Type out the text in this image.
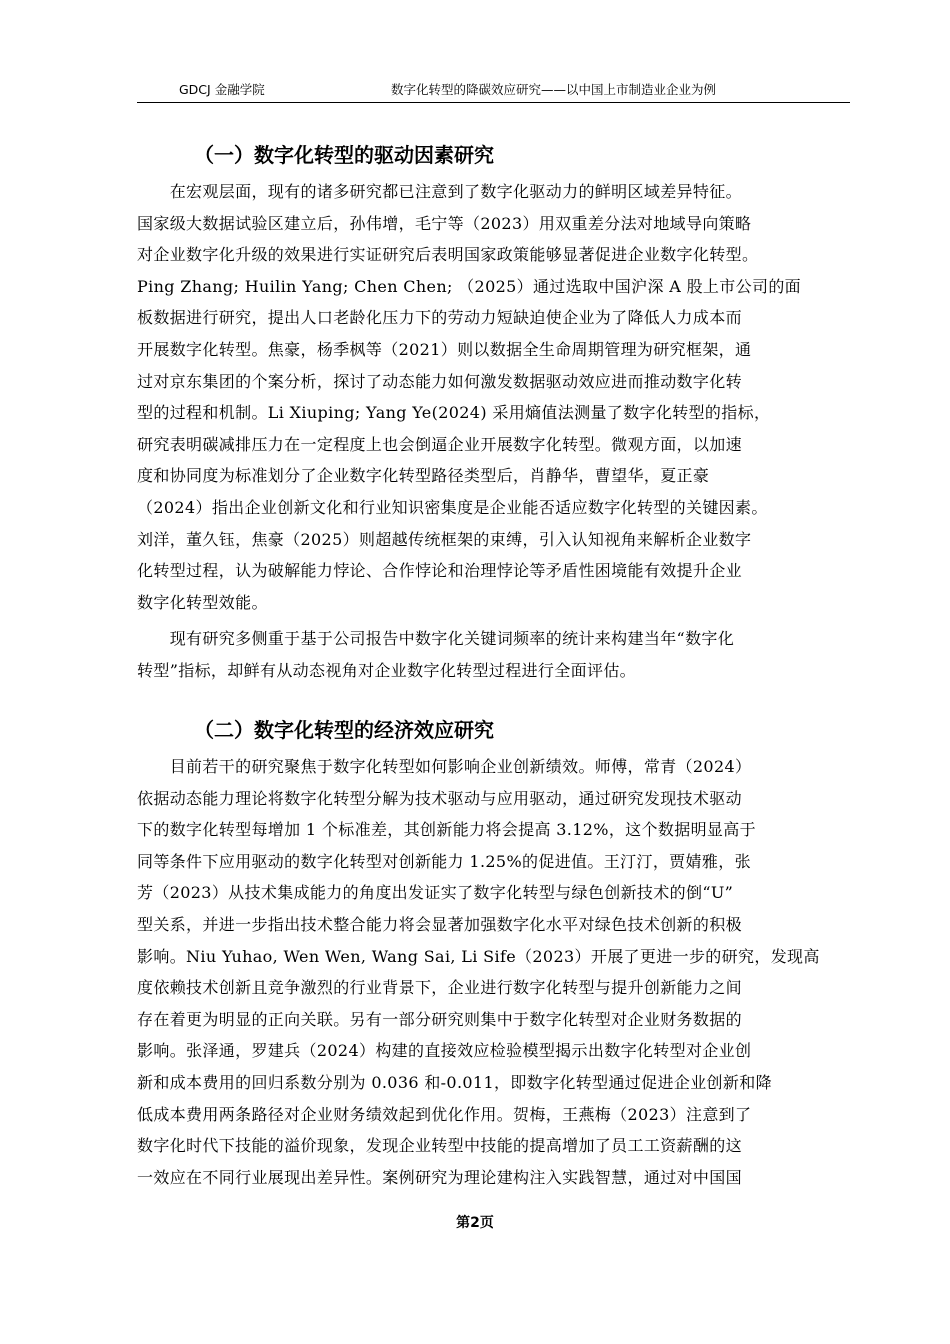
GDCJ 金融学院	数字化转型的降碳效应研究——以中国上市制造业企业为例
（一）数字化转型的驱动因素研究

　　在宏观层面，现有的诸多研究都已注意到了数字化驱动力的鲜明区域差异特征。
国家级大数据试验区建立后，孙伟增，毛宁等（2023）用双重差分法对地域导向策略
对企业数字化升级的效果进行实证研究后表明国家政策能够显著促进企业数字化转型。
Ping Zhang; Huilin Yang; Chen Chen; （2025）通过选取中国沪深 A 股上市公司的面
板数据进行研究，提出人口老龄化压力下的劳动力短缺迫使企业为了降低人力成本而
开展数字化转型。焦豪，杨季枫等（2021）则以数据全生命周期管理为研究框架，通
过对京东集团的个案分析，探讨了动态能力如何激发数据驱动效应进而推动数字化转
型的过程和机制。Li Xiuping; Yang Ye(2024) 采用熵值法测量了数字化转型的指标，
研究表明碳减排压力在一定程度上也会倒逼企业开展数字化转型。微观方面，以加速
度和协同度为标准划分了企业数字化转型路径类型后，肖静华，曹望华，夏正豪
（2024）指出企业创新文化和行业知识密集度是企业能否适应数字化转型的关键因素。
刘洋，董久钰，焦豪（2025）则超越传统框架的束缚，引入认知视角来解析企业数字
化转型过程，认为破解能力悖论、合作悖论和治理悖论等矛盾性困境能有效提升企业
数字化转型效能。

　　现有研究多侧重于基于公司报告中数字化关键词频率的统计来构建当年“数字化
转型”指标，却鲜有从动态视角对企业数字化转型过程进行全面评估。

（二）数字化转型的经济效应研究

　　目前若干的研究聚焦于数字化转型如何影响企业创新绩效。师傅，常青（2024）
依据动态能力理论将数字化转型分解为技术驱动与应用驱动，通过研究发现技术驱动
下的数字化转型每增加 1 个标准差，其创新能力将会提高 3.12%，这个数据明显高于
同等条件下应用驱动的数字化转型对创新能力 1.25%的促进值。王汀汀，贾婧雅，张
芳（2023）从技术集成能力的角度出发证实了数字化转型与绿色创新技术的倒“U”
型关系，并进一步指出技术整合能力将会显著加强数字化水平对绿色技术创新的积极
影响。Niu Yuhao, Wen Wen, Wang Sai, Li Sife（2023）开展了更进一步的研究，发现高
度依赖技术创新且竞争激烈的行业背景下，企业进行数字化转型与提升创新能力之间
存在着更为明显的正向关联。另有一部分研究则集中于数字化转型对企业财务数据的
影响。张泽通，罗建兵（2024）构建的直接效应检验模型揭示出数字化转型对企业创
新和成本费用的回归系数分别为 0.036 和-0.011，即数字化转型通过促进企业创新和降
低成本费用两条路径对企业财务绩效起到优化作用。贺梅，王燕梅（2023）注意到了
数字化时代下技能的溢价现象，发现企业转型中技能的提高增加了员工工资薪酬的这
一效应在不同行业展现出差异性。案例研究为理论建构注入实践智慧，通过对中国国

第2页
